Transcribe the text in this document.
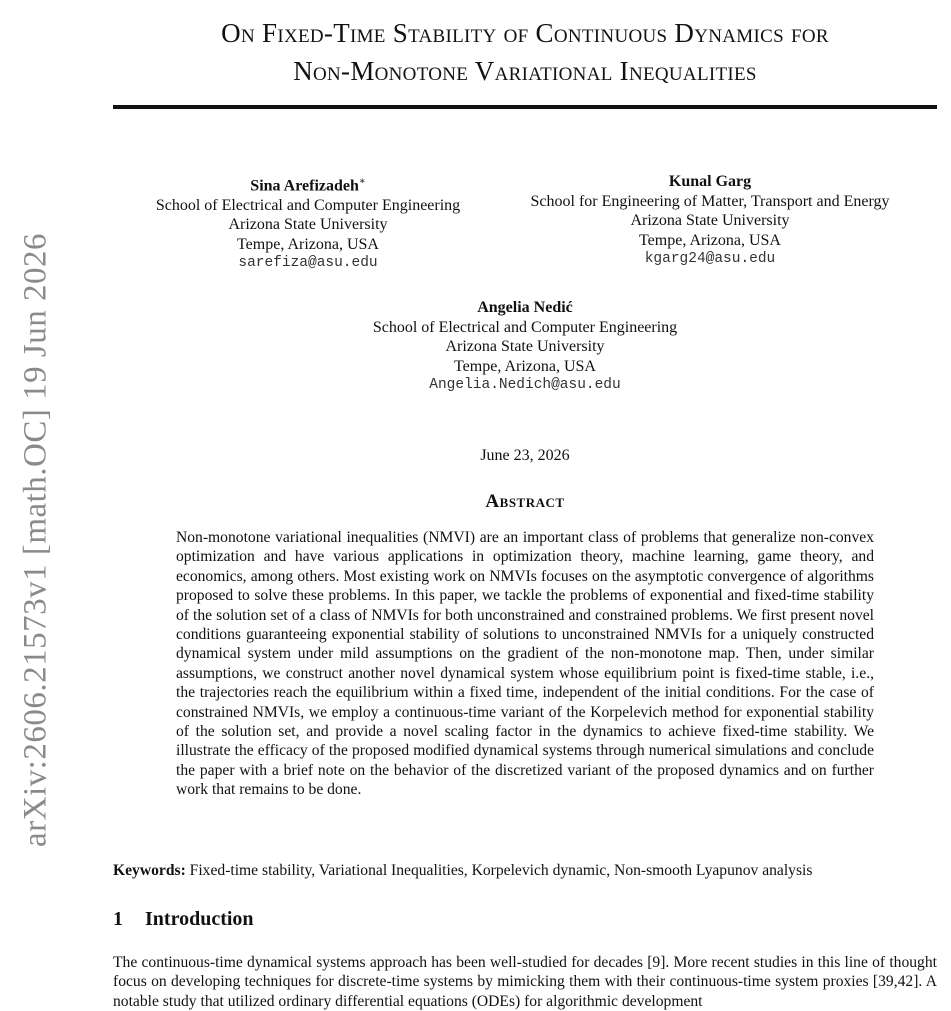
arXiv:2606.21573v1 [math.OC] 19 Jun 2026
On Fixed-Time Stability of Continuous Dynamics for
Non-Monotone Variational Inequalities
Sina Arefizadeh∗
School of Electrical and Computer Engineering
Arizona State University
Tempe, Arizona, USA
sarefiza@asu.edu
Kunal Garg
School for Engineering of Matter, Transport and Energy
Arizona State University
Tempe, Arizona, USA
kgarg24@asu.edu
Angelia Nedić
School of Electrical and Computer Engineering
Arizona State University
Tempe, Arizona, USA
Angelia.Nedich@asu.edu
June 23, 2026
Abstract
Non-monotone variational inequalities (NMVI) are an important class of problems that generalize non-convex optimization and have various applications in optimization theory, machine learning, game theory, and economics, among others. Most existing work on NMVIs focuses on the asymptotic convergence of algorithms proposed to solve these problems. In this paper, we tackle the problems of exponential and fixed-time stability of the solution set of a class of NMVIs for both unconstrained and constrained problems. We first present novel conditions guaranteeing exponential stability of solutions to unconstrained NMVIs for a uniquely constructed dynamical system under mild assumptions on the gradient of the non-monotone map. Then, under similar assumptions, we construct another novel dynamical system whose equilibrium point is fixed-time stable, i.e., the trajectories reach the equilibrium within a fixed time, independent of the initial conditions. For the case of constrained NMVIs, we employ a continuous-time variant of the Korpelevich method for exponential stability of the solution set, and provide a novel scaling factor in the dynamics to achieve fixed-time stability. We illustrate the efficacy of the proposed modified dynamical systems through numerical simulations and conclude the paper with a brief note on the behavior of the discretized variant of the proposed dynamics and on further work that remains to be done.
Keywords: Fixed-time stability, Variational Inequalities, Korpelevich dynamic, Non-smooth Lyapunov analysis
1 Introduction
The continuous-time dynamical systems approach has been well-studied for decades [9]. More recent studies in this line of thought focus on developing techniques for discrete-time systems by mimicking them with their continuous-time system proxies [39,42]. A notable study that utilized ordinary differential equations (ODEs) for algorithmic development
